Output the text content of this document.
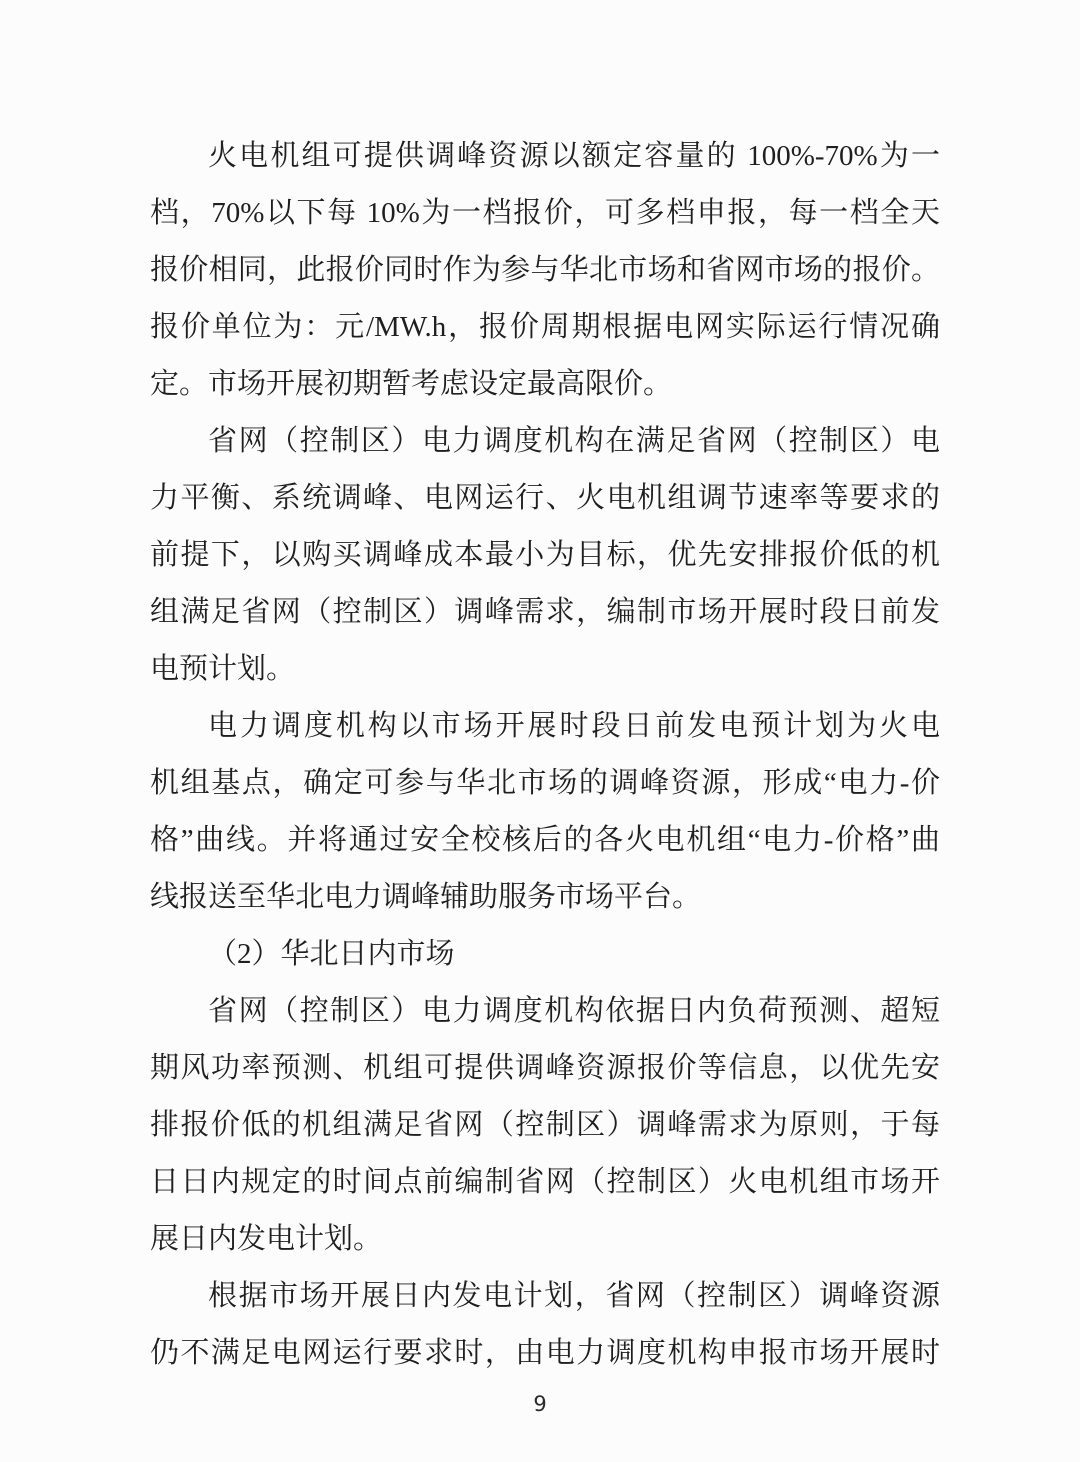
火电机组可提供调峰资源以额定容量的 100%-70%为一
档，70%以下每 10%为一档报价，可多档申报，每一档全天
报价相同，此报价同时作为参与华北市场和省网市场的报价。
报价单位为：元/MW.h，报价周期根据电网实际运行情况确
定。市场开展初期暂考虑设定最高限价。
省网（控制区）电力调度机构在满足省网（控制区）电
力平衡、系统调峰、电网运行、火电机组调节速率等要求的
前提下，以购买调峰成本最小为目标，优先安排报价低的机
组满足省网（控制区）调峰需求，编制市场开展时段日前发
电预计划。
电力调度机构以市场开展时段日前发电预计划为火电
机组基点，确定可参与华北市场的调峰资源，形成“电力-价
格”曲线。并将通过安全校核后的各火电机组“电力-价格”曲
线报送至华北电力调峰辅助服务市场平台。
（2）华北日内市场
省网（控制区）电力调度机构依据日内负荷预测、超短
期风功率预测、机组可提供调峰资源报价等信息，以优先安
排报价低的机组满足省网（控制区）调峰需求为原则，于每
日日内规定的时间点前编制省网（控制区）火电机组市场开
展日内发电计划。
根据市场开展日内发电计划，省网（控制区）调峰资源
仍不满足电网运行要求时，由电力调度机构申报市场开展时
9
